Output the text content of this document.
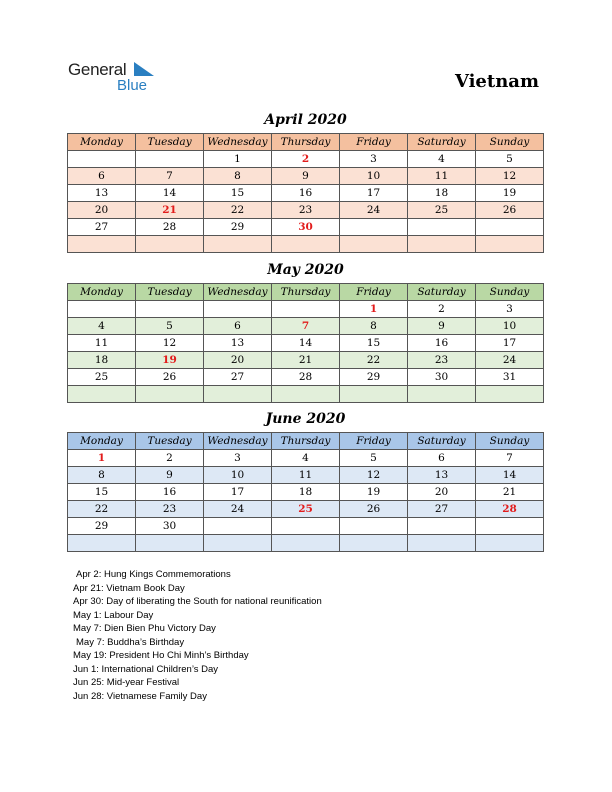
General
Blue	Vietnam
April 2020
Monday	Tuesday	Wednesday	Thursday	Friday	Saturday	Sunday
		1	2	3	4	5
6	7	8	9	10	11	12
13	14	15	16	17	18	19
20	21	22	23	24	25	26
27	28	29	30			

May 2020
Monday	Tuesday	Wednesday	Thursday	Friday	Saturday	Sunday
				1	2	3
4	5	6	7	8	9	10
11	12	13	14	15	16	17
18	19	20	21	22	23	24
25	26	27	28	29	30	31

June 2020
Monday	Tuesday	Wednesday	Thursday	Friday	Saturday	Sunday
1	2	3	4	5	6	7
8	9	10	11	12	13	14
15	16	17	18	19	20	21
22	23	24	25	26	27	28
29	30					

Apr 2: Hung Kings Commemorations
Apr 21: Vietnam Book Day
Apr 30: Day of liberating the South for national reunification
May 1: Labour Day
May 7: Dien Bien Phu Victory Day
May 7: Buddha’s Birthday
May 19: President Ho Chi Minh’s Birthday
Jun 1: International Children’s Day
Jun 25: Mid-year Festival
Jun 28: Vietnamese Family Day
